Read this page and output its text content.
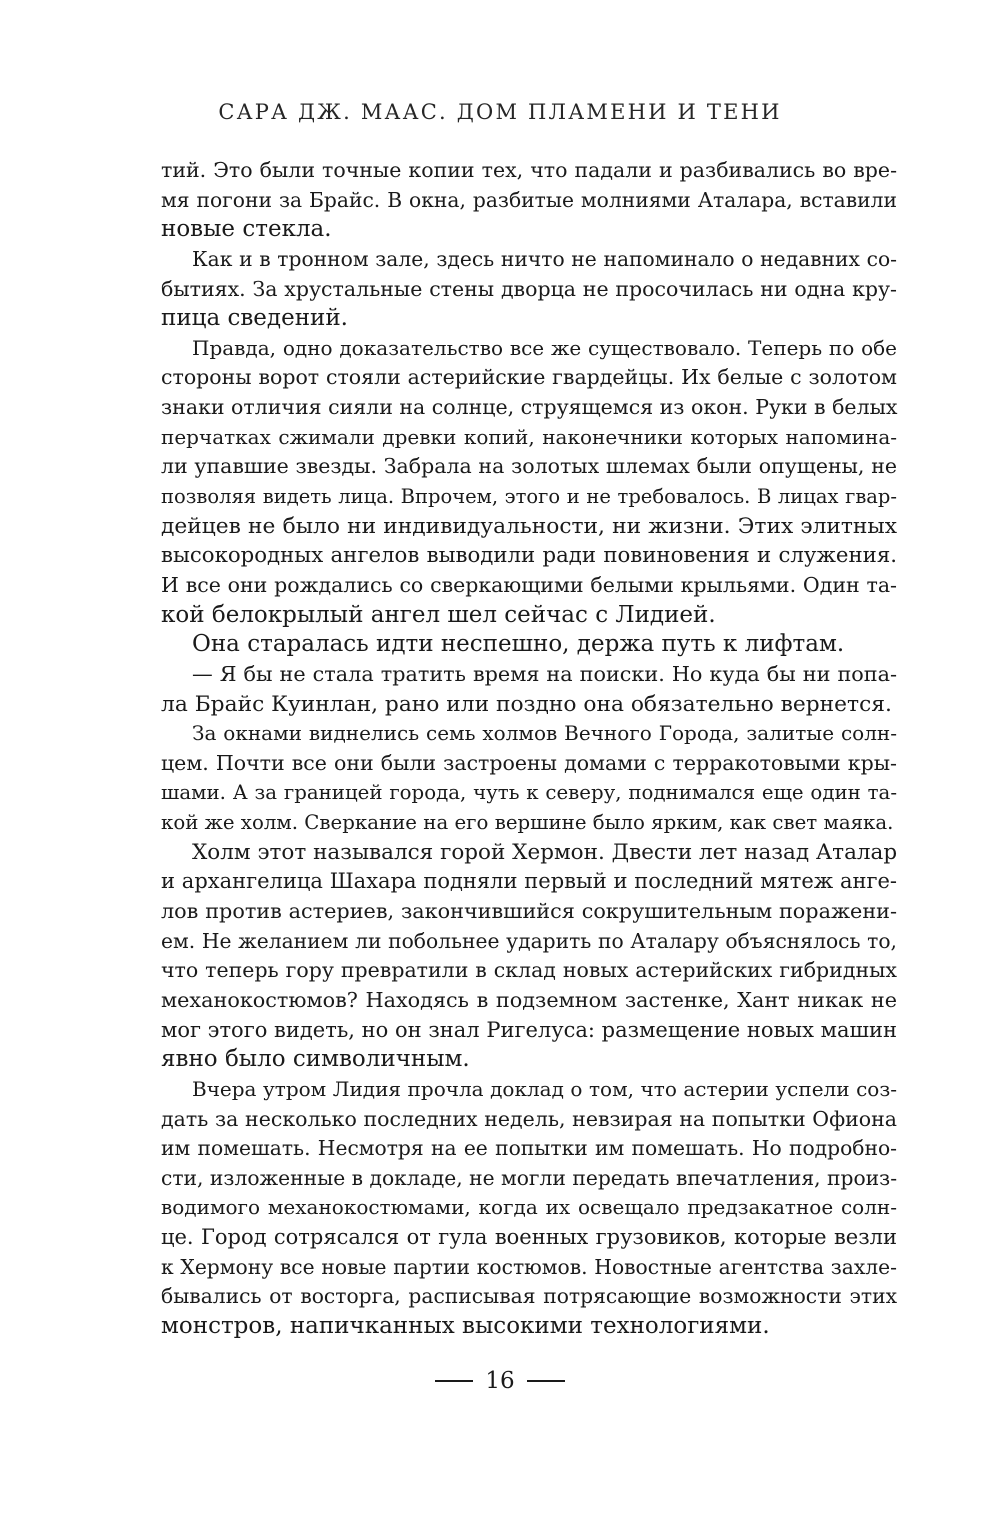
САРА ДЖ. МААС. ДОМ ПЛАМЕНИ И ТЕНИ
тий. Это были точные копии тех, что падали и разбивались во вре-
мя погони за Брайс. В окна, разбитые молниями Аталара, вставили
новые стекла.
Как и в тронном зале, здесь ничто не напоминало о недавних со-
бытиях. За хрустальные стены дворца не просочилась ни одна кру-
пица сведений.
Правда, одно доказательство все же существовало. Теперь по обе
стороны ворот стояли астерийские гвардейцы. Их белые с золотом
знаки отличия сияли на солнце, струящемся из окон. Руки в белых
перчатках сжимали древки копий, наконечники которых напомина-
ли упавшие звезды. Забрала на золотых шлемах были опущены, не
позволяя видеть лица. Впрочем, этого и не требовалось. В лицах гвар-
дейцев не было ни индивидуальности, ни жизни. Этих элитных
высокородных ангелов выводили ради повиновения и служения.
И все они рождались со сверкающими белыми крыльями. Один та-
кой белокрылый ангел шел сейчас с Лидией.
Она старалась идти неспешно, держа путь к лифтам.
— Я бы не стала тратить время на поиски. Но куда бы ни попа-
ла Брайс Куинлан, рано или поздно она обязательно вернется.
За окнами виднелись семь холмов Вечного Города, залитые солн-
цем. Почти все они были застроены домами с терракотовыми кры-
шами. А за границей города, чуть к северу, поднимался еще один та-
кой же холм. Сверкание на его вершине было ярким, как свет маяка.
Холм этот назывался горой Хермон. Двести лет назад Аталар
и архангелица Шахара подняли первый и последний мятеж анге-
лов против астериев, закончившийся сокрушительным поражени-
ем. Не желанием ли побольнее ударить по Аталару объяснялось то,
что теперь гору превратили в склад новых астерийских гибридных
механокостюмов? Находясь в подземном застенке, Хант никак не
мог этого видеть, но он знал Ригелуса: размещение новых машин
явно было символичным.
Вчера утром Лидия прочла доклад о том, что астерии успели соз-
дать за несколько последних недель, невзирая на попытки Офиона
им помешать. Несмотря на ее попытки им помешать. Но подробно-
сти, изложенные в докладе, не могли передать впечатления, произ-
водимого механокостюмами, когда их освещало предзакатное солн-
це. Город сотрясался от гула военных грузовиков, которые везли
к Хермону все новые партии костюмов. Новостные агентства захле-
бывались от восторга, расписывая потрясающие возможности этих
монстров, напичканных высокими технологиями.
16
